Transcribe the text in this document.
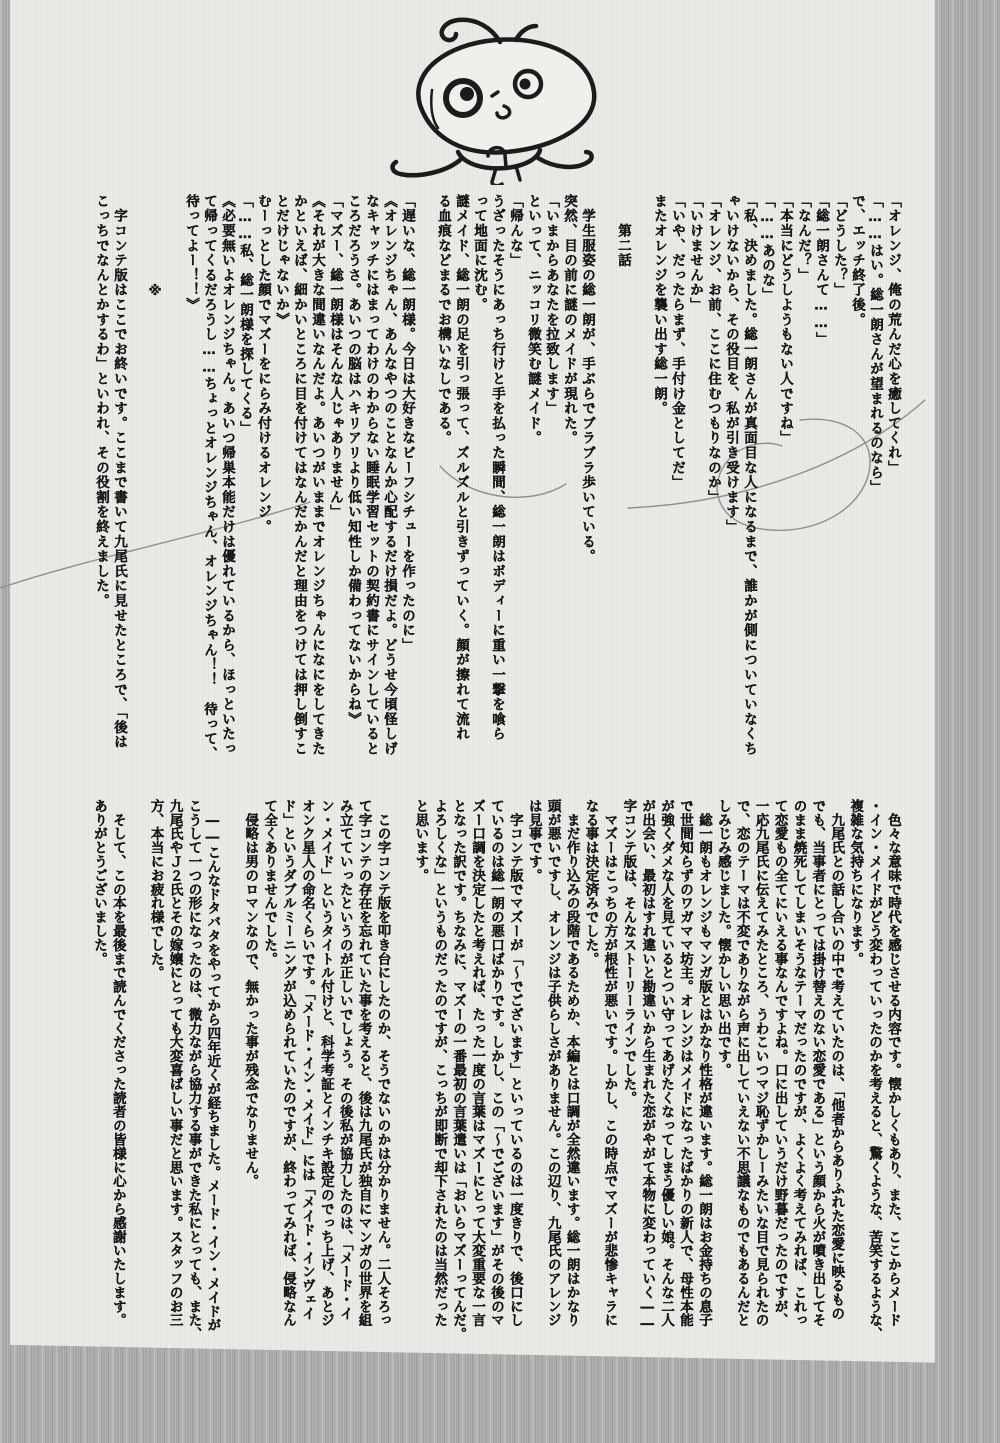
「オレンジ、俺の荒んだ心を癒してくれ」
「……はい。総一朗さんが望まれるのなら」
で、エッチ終了後。
「どうした？」
「総一朗さんて……」
「なんだ？」
「本当にどうしようもない人ですね」
「……あのな」
「私、決めました。総一朗さんが真面目な人になるまで、誰かが側についていなくち
ゃいけないから、その役目を、私が引き受けます」
「オレンジ、お前、ここに住むつもりなのか」
「いけませんか」
「いや、だったらまず、手付け金としてだ」
またオレンジを襲い出す総一朗。

　　第二話

　学生服姿の総一朗が、手ぶらでブラブラ歩いている。
突然、目の前に謎のメイドが現れた。
「いまからあなたを拉致します」
といって、ニッコリ微笑む謎メイド。
「帰んな」
うざったそうにあっち行けと手を払った瞬間、総一朗はボディーに重い一撃を喰ら
って地面に沈む。
謎メイド、総一朗の足を引っ張って、ズルズルと引きずっていく。顔が擦れて流れ
る血痕などまるでお構いなしである。

「遅いな、総一朗様。今日は大好きなビーフシチューを作ったのに」
《オレンジちゃん、あんなやつのことなんか心配するだけ損だよ。どうせ今頃怪しげ
なキャッチにはまってわけのわからない睡眠学習セットの契約書にサインしていると
ころだろうさ。あいつの脳はハキリアリより低い知性しか備わってないからね》
「マズー、総一朗様はそんな人じゃありません」
《それが大きな間違いなんだよ。あいつがいままでオレンジちゃんになにをしてきた
かといえば、細かいところに目を付けてはなんだかんだと理由をつけては押し倒すこ
とだけじゃないか》
むーっとした顔でマズーをにらみ付けるオレンジ。
「……私、総一朗様を探してくる」
《必要無いよオレンジちゃん。あいつ帰巣本能だけは優れているから、ほっといたっ
て帰ってくるだろうし……ちょっとオレンジちゃん、オレンジちゃん！！　待って、
待ってよー！！》

　　　　　　※

　字コンテ版はここでお終いです。ここまで書いて九尾氏に見せたところで、「後は
こっちでなんとかするわ」といわれ、その役割を終えました。
　色々な意味で時代を感じさせる内容です。懐かしくもあり、また、ここからメード
・イン・メイドがどう変わっていったのかを考えると、驚くような、苦笑するような、
複雑な気持ちになります。
　九尾氏との話し合いの中で考えていたのは、「他者からありふれた恋愛に映るもの
でも、当事者にとっては掛け替えのない恋愛である」という顔から火が噴き出してそ
のまま焼死してしまいそうなテーマだったのですが、よくよく考えてみれば、これっ
て恋愛もの全てにいえる事なんですよね。口に出していうだけ野暮だったのですが、
一応九尾氏に伝えてみたところ、うわこいつマジ恥ずかしーみたいな目で見られたの
で、恋のテーマは不変でありながら声に出していえない不思議なものでもあるんだと
しみじみ感じました。懐かしい思い出です。
　総一朗もオレンジもマンガ版とはかなり性格が違います。総一朗はお金持ちの息子
で世間知らずのワガママ坊主。オレンジはメイドになったばかりの新人で、母性本能
が強くダメな人を見ているとつい守ってあげたくなってしまう優しい娘。そんな二人
が出会い、最初はすれ違いと勘違いから生まれた恋がやがて本物に変わっていく――
字コンテ版は、そんなストーリーラインでした。
　マズーはこっちの方が根性が悪いです。しかし、この時点でマズーが悲惨キャラに
なる事は決定済みでした。
　まだ作り込みの段階であるためか、本編とは口調が全然違います。総一朗はかなり
頭が悪いですし、オレンジは子供らしさがありません。この辺り、九尾氏のアレンジ
は見事です。
　字コンテ版でマズーが「～でございます」といっているのは一度きりで、後口にし
ているのは総一朗の悪口ばかりです。しかし、この「～でございます」がその後のマ
ズー口調を決定したと考えれば、たった一度の言葉はマズーにとって大変重要な一言
となった訳です。ちなみに、マズーの一番最初の言葉遣いは「おいらマズーってんだ。
よろしくな」というものだったのですが、こっちが即断で却下されたのは当然だった
と思います。

　この字コンテ版を叩き台にしたのか、そうでないのかは分かりません。二人そろっ
て字コンテの存在を忘れていた事を考えると、後は九尾氏が独自にマンガの世界を組
み立てていったというのが正しいでしょう。その後私が協力したのは、「メード・イ
ン・メイド」というタイトル付けと、科学考証とインチキ設定のでっち上げ、あとジ
オンク星人の命名くらいです。「メード・イン・メイド」には「メイド・インヴェイ
ド」というダブルミーニングが込められていたのですが、終わってみれば、侵略なん
て全くありませんでした。
　侵略は男のロマンなので、無かった事が残念でなりません。

　――こんなドタバタをやってから四年近くが経ちました。メード・イン・メイドが
こうして一つの形になったのは、微力ながら協力する事ができた私にとっても、また、
九尾氏やＪ２氏とその嫁嬢にとっても大変喜ばしい事だと思います。スタッフのお三
方、本当にお疲れ様でした。

　そして、この本を最後まで読んでくださった読者の皆様に心から感謝いたします。
ありがとうございました。
